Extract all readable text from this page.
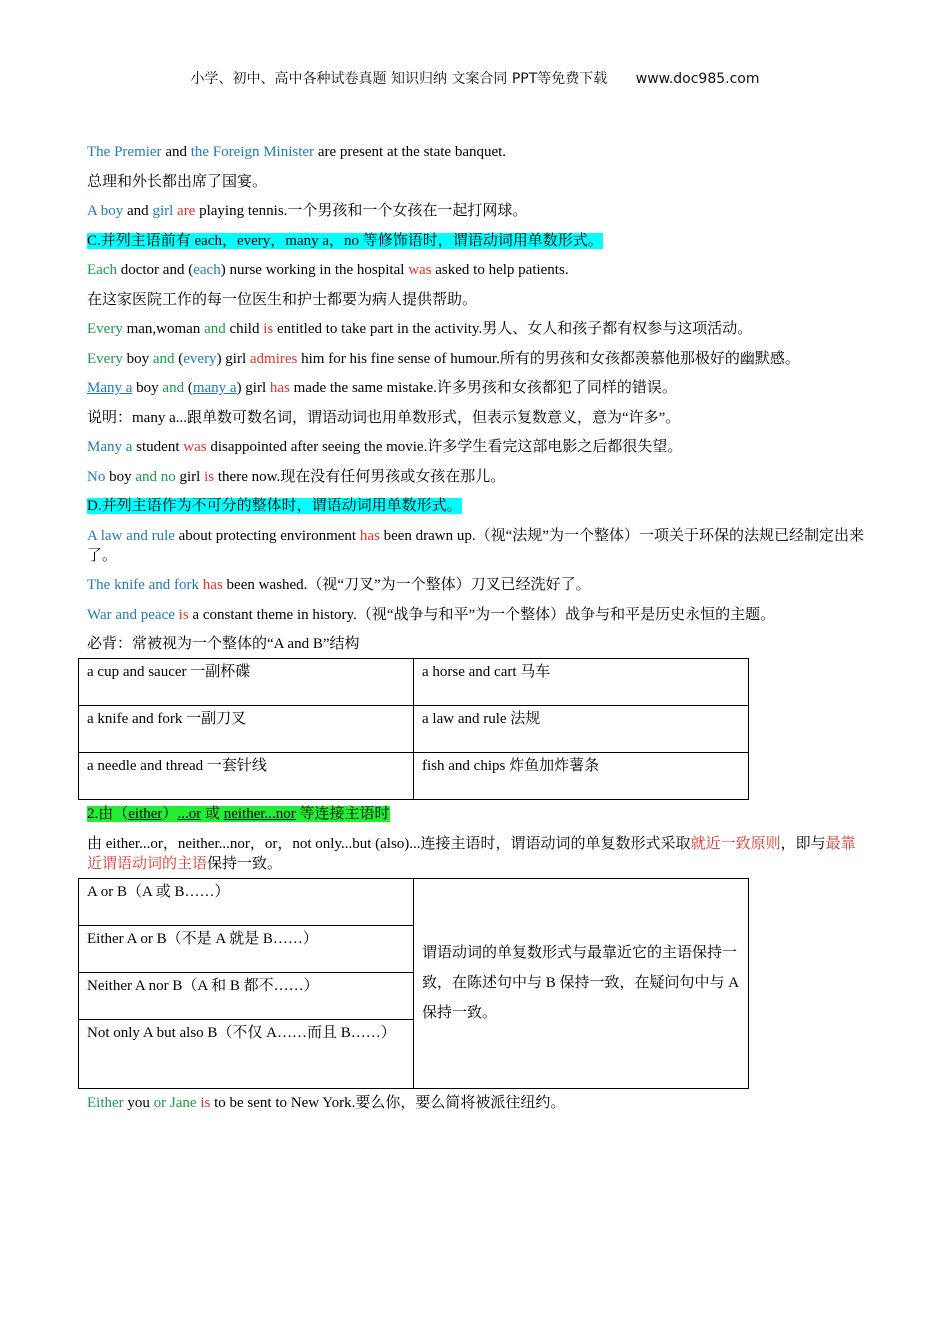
小学、初中、高中各种试卷真题 知识归纳 文案合同 PPT等免费下载 www.doc985.com

The Premier and the Foreign Minister are present at the state banquet.

总理和外长都出席了国宴。

A boy and girl are playing tennis.一个男孩和一个女孩在一起打网球。

C.并列主语前有 each，every，many a，no 等修饰语时，谓语动词用单数形式。

Each doctor and (each) nurse working in the hospital was asked to help patients.

在这家医院工作的每一位医生和护士都要为病人提供帮助。

Every man,woman and child is entitled to take part in the activity.男人、女人和孩子都有权参与这项活动。

Every boy and (every) girl admires him for his fine sense of humour.所有的男孩和女孩都羡慕他那极好的幽默感。

Many a boy and (many a) girl has made the same mistake.许多男孩和女孩都犯了同样的错误。

说明：many a...跟单数可数名词，谓语动词也用单数形式，但表示复数意义，意为“许多”。

Many a student was disappointed after seeing the movie.许多学生看完这部电影之后都很失望。

No boy and no girl is there now.现在没有任何男孩或女孩在那儿。

D.并列主语作为不可分的整体时，谓语动词用单数形式。

A law and rule about protecting environment has been drawn up.（视“法规”为一个整体）一项关于环保的法规已经制定出来了。

The knife and fork has been washed.（视“刀叉”为一个整体）刀叉已经洗好了。

War and peace is a constant theme in history.（视“战争与和平”为一个整体）战争与和平是历史永恒的主题。

必背：常被视为一个整体的“A and B”结构

a cup and saucer 一副杯碟	a horse and cart 马车
a knife and fork 一副刀叉	a law and rule 法规
a needle and thread 一套针线	fish and chips 炸鱼加炸薯条

2.由（either）...or 或 neither...nor 等连接主语时

由 either...or，neither...nor，or，not only...but (also)...连接主语时，谓语动词的单复数形式采取就近一致原则，即与最靠近谓语动词的主语保持一致。

A or B（A 或 B……）	谓语动词的单复数形式与最靠近它的主语保持一致，在陈述句中与 B 保持一致，在疑问句中与 A 保持一致。
Either A or B（不是 A 就是 B……）
Neither A nor B（A 和 B 都不……）
Not only A but also B（不仅 A……而且 B……）

Either you or Jane is to be sent to New York.要么你，要么简将被派往纽约。
